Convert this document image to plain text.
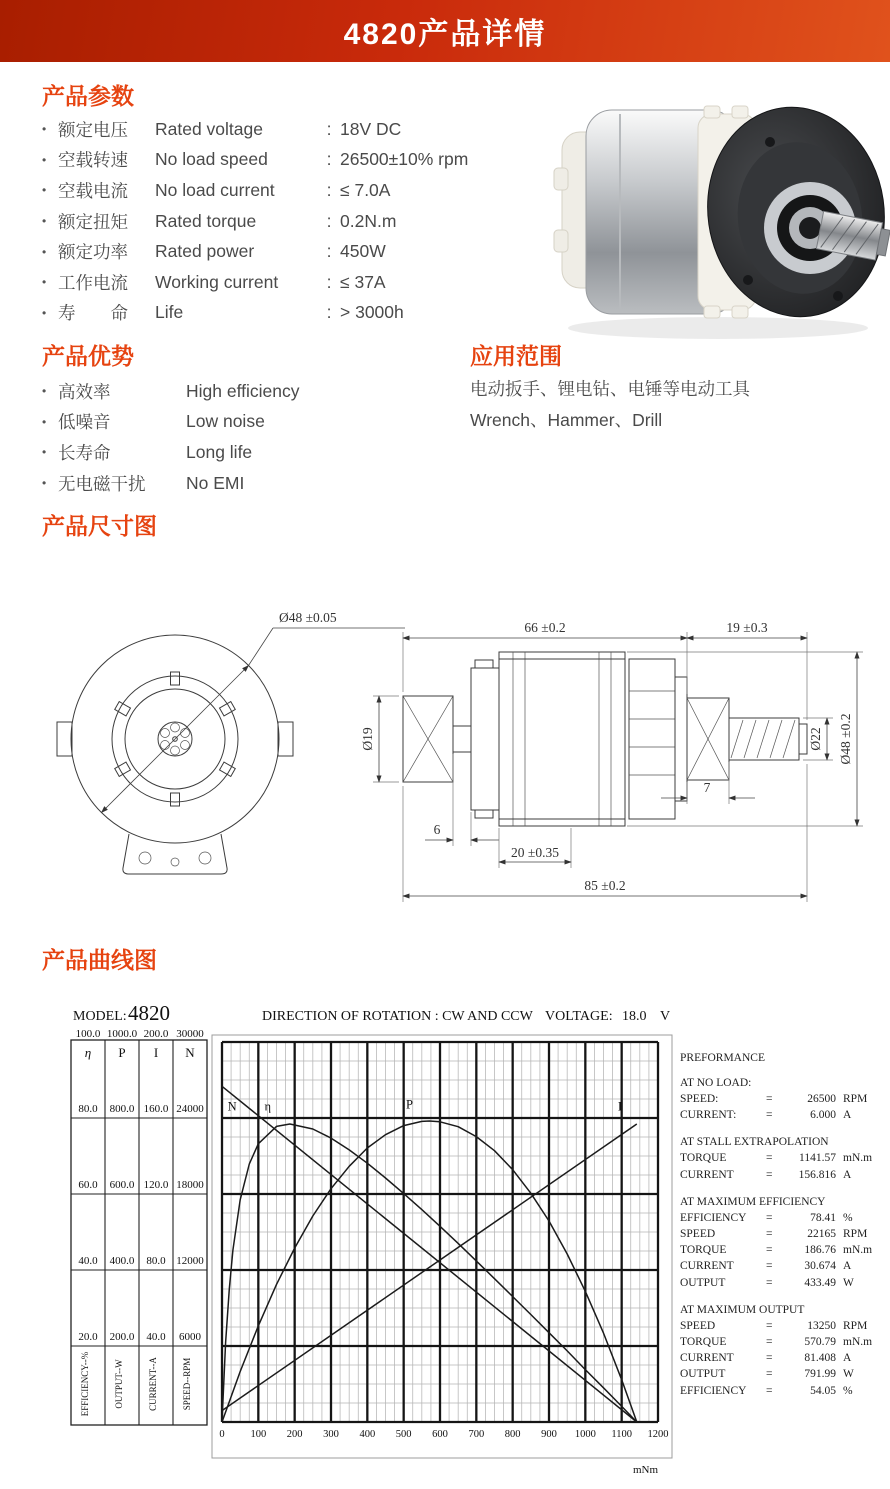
4820产品详情
产品参数
• 额定电压	Rated voltage	: 18V DC
• 空载转速	No load speed	: 26500±10% rpm
• 空载电流	No load current	: ≤ 7.0A
• 额定扭矩	Rated torque	: 0.2N.m
• 额定功率	Rated power	: 450W
• 工作电流	Working current	: ≤ 37A
• 寿　　命	Life	: > 3000h
产品优势
• 高效率	High efficiency
• 低噪音	Low noise
• 长寿命	Long life
• 无电磁干扰	No EMI
应用范围
电动扳手、锂电钻、电锤等电动工具
Wrench、Hammer、Drill
产品尺寸图
Ø48 ±0.05
66 ±0.2	19 ±0.3
Ø19	Ø22 Ø48 ±0.2
6
7
20 ±0.35
85 ±0.2
产品曲线图
MODEL: 4820	DIRECTION OF ROTATION : CW AND CCW VOLTAGE: 18.0 V
100.0 1000.0 200.0 30000
η P I N
80.0
60.0
40.0
20.0
800.0
600.0
400.0
200.0
160.0
120.0
80.0
40.0
24000
18000
12000
6000
EFFICIENCY--%	OUTPUT--W	CURRENT--A	SPEED--RPM
0 100 200 300 400 500 600 700 800 900 1000 1100 1200
N η	P	I
mNm
PREFORMANCE
AT NO LOAD:
SPEED:	=	26500 RPM
CURRENT:	=	6.000 A
AT STALL EXTRAPOLATION
TORQUE	=	1141.57 mN.m
CURRENT	=	156.816 A
AT MAXIMUM EFFICIENCY
EFFICIENCY	=	78.41 %
SPEED	=	22165 RPM
TORQUE	=	186.76 mN.m
CURRENT	=	30.674 A
OUTPUT	=	433.49 W
AT MAXIMUM OUTPUT
SPEED	=	13250 RPM
TORQUE	=	570.79 mN.m
CURRENT	=	81.408 A
OUTPUT	=	791.99 W
EFFICIENCY	=	54.05 %
